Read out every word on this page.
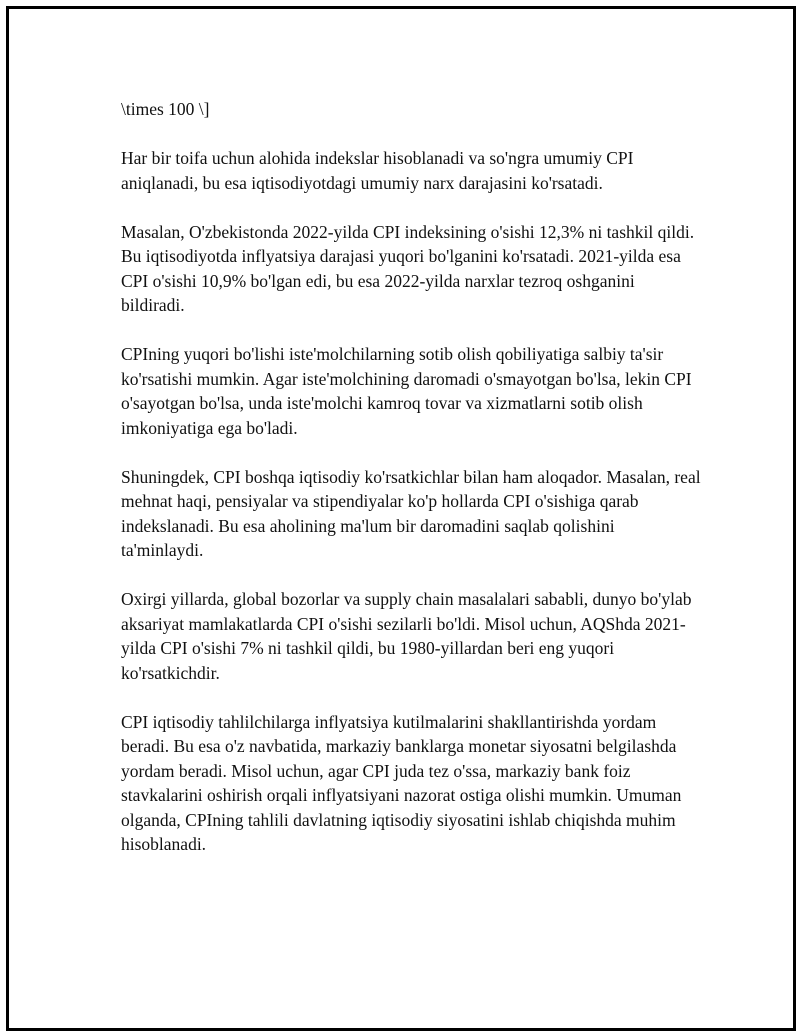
\times 100 \]

Har bir toifa uchun alohida indekslar hisoblanadi va so'ngra umumiy CPI aniqlanadi, bu esa iqtisodiyotdagi umumiy narx darajasini ko'rsatadi.

Masalan, O'zbekistonda 2022-yilda CPI indeksining o'sishi 12,3% ni tashkil qildi. Bu iqtisodiyotda inflyatsiya darajasi yuqori bo'lganini ko'rsatadi. 2021-yilda esa CPI o'sishi 10,9% bo'lgan edi, bu esa 2022-yilda narxlar tezroq oshganini bildiradi.

CPIning yuqori bo'lishi iste'molchilarning sotib olish qobiliyatiga salbiy ta'sir ko'rsatishi mumkin. Agar iste'molchining daromadi o'smayotgan bo'lsa, lekin CPI o'sayotgan bo'lsa, unda iste'molchi kamroq tovar va xizmatlarni sotib olish imkoniyatiga ega bo'ladi.

Shuningdek, CPI boshqa iqtisodiy ko'rsatkichlar bilan ham aloqador. Masalan, real mehnat haqi, pensiyalar va stipendiyalar ko'p hollarda CPI o'sishiga qarab indekslanadi. Bu esa aholining ma'lum bir daromadini saqlab qolishini ta'minlaydi.

Oxirgi yillarda, global bozorlar va supply chain masalalari sababli, dunyo bo'ylab aksariyat mamlakatlarda CPI o'sishi sezilarli bo'ldi. Misol uchun, AQShda 2021-yilda CPI o'sishi 7% ni tashkil qildi, bu 1980-yillardan beri eng yuqori ko'rsatkichdir.

CPI iqtisodiy tahlilchilarga inflyatsiya kutilmalarini shakllantirishda yordam beradi. Bu esa o'z navbatida, markaziy banklarga monetar siyosatni belgilashda yordam beradi. Misol uchun, agar CPI juda tez o'ssa, markaziy bank foiz stavkalarini oshirish orqali inflyatsiyani nazorat ostiga olishi mumkin. Umuman olganda, CPIning tahlili davlatning iqtisodiy siyosatini ishlab chiqishda muhim hisoblanadi.
